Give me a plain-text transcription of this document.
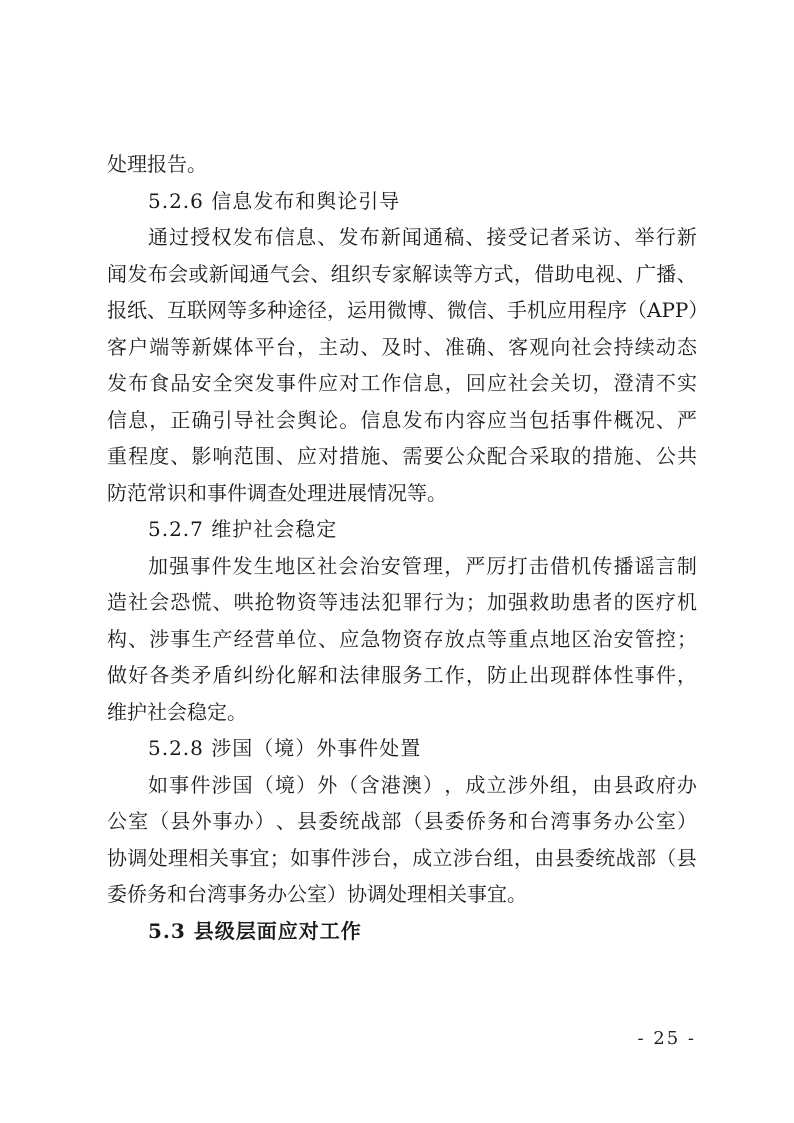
处理报告。
5.2.6 信息发布和舆论引导
通 过 授 权 发 布 信 息 、 发 布 新 闻 通 稿 、 接 受 记 者 采 访 、 举 行 新
闻 发 布 会 或 新 闻 通 气 会 、 组 织 专 家 解 读 等 方 式 ， 借 助 电 视 、 广 播 、
报 纸 、 互 联 网 等 多 种 途 径 ， 运 用 微 博 、 微 信 、 手 机 应 用 程 序 （ A P P ）
客 户 端 等 新 媒 体 平 台 ， 主 动 、 及 时 、 准 确 、 客 观 向 社 会 持 续 动 态
发 布 食 品 安 全 突 发 事 件 应 对 工 作 信 息 ， 回 应 社 会 关 切 ， 澄 清 不 实
信 息 ， 正 确 引 导 社 会 舆 论 。 信 息 发 布 内 容 应 当 包 括 事 件 概 况 、 严
重 程 度 、 影 响 范 围 、 应 对 措 施 、 需 要 公 众 配 合 采 取 的 措 施 、 公 共
防范常识和事件调查处理进展情况等。
5.2.7 维护社会稳定
加 强 事 件 发 生 地 区 社 会 治 安 管 理 ， 严 厉 打 击 借 机 传 播 谣 言 制
造 社 会 恐 慌 、 哄 抢 物 资 等 违 法 犯 罪 行 为 ； 加 强 救 助 患 者 的 医 疗 机
构 、 涉 事 生 产 经 营 单 位 、 应 急 物 资 存 放 点 等 重 点 地 区 治 安 管 控 ；
做 好 各 类 矛 盾 纠 纷 化 解 和 法 律 服 务 工 作 ， 防 止 出 现 群 体 性 事 件 ，
维护社会稳定。
5.2.8 涉国（境）外事件处置
如 事 件 涉 国 （ 境 ） 外 （ 含 港 澳 ） ， 成 立 涉 外 组 ， 由 县 政 府 办
公 室 （ 县 外 事 办 ） 、 县 委 统 战 部 （ 县 委 侨 务 和 台 湾 事 务 办 公 室 ）
协 调 处 理 相 关 事 宜 ； 如 事 件 涉 台 ， 成 立 涉 台 组 ， 由 县 委 统 战 部 （ 县
委侨务和台湾事务办公室）协调处理相关事宜。
5.3 县级层面应对工作
- 25 -
